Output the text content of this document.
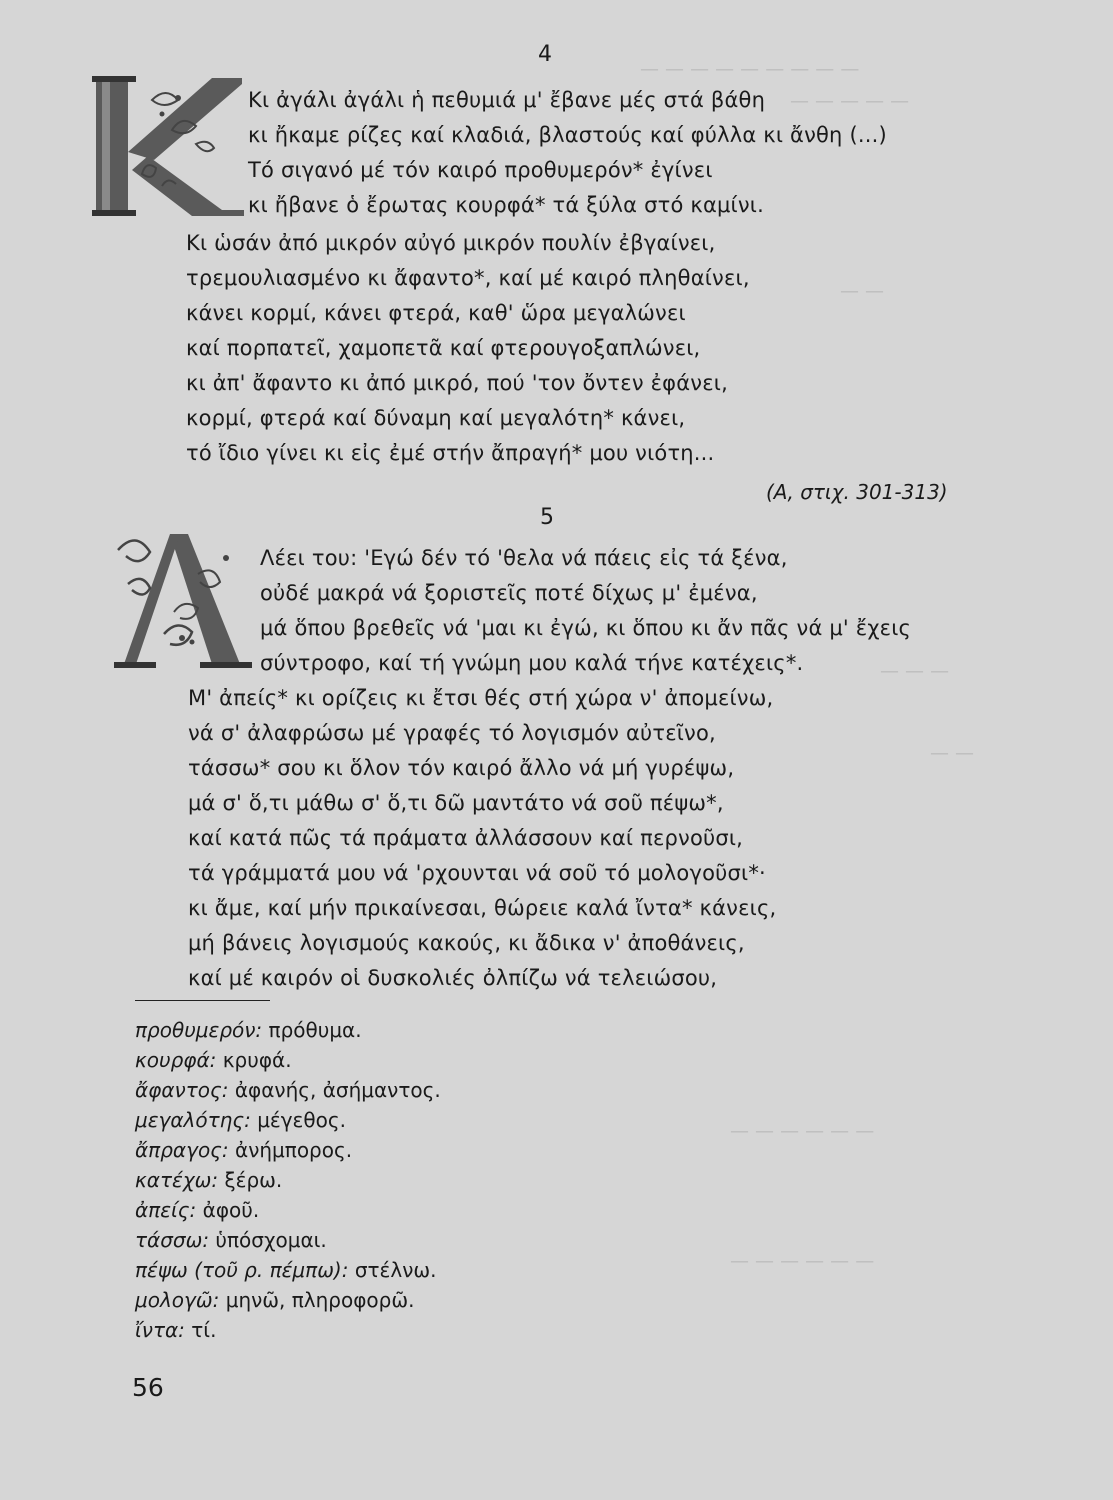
— — — — — — — — —
— — — — —
— —
— — —
— —
— — — — — —
— — — — — —
4
Κι ἀγάλι ἀγάλι ἡ πεθυμιά μ' ἔβανε μές στά βάθη
κι ἤκαμε ρίζες καί κλαδιά, βλαστούς καί φύλλα κι ἄνθη (...)
Τό σιγανό μέ τόν καιρό προθυμερόν* ἐγίνει
κι ἤβανε ὁ ἔρωτας κουρφά* τά ξύλα στό καμίνι.
Κι ὡσάν ἀπό μικρόν αὐγό μικρόν πουλίν ἐβγαίνει,
τρεμουλιασμένο κι ἄφαντο*, καί μέ καιρό πληθαίνει,
κάνει κορμί, κάνει φτερά, καθ' ὥρα μεγαλώνει
καί πορπατεῖ, χαμοπετᾶ καί φτερουγοξαπλώνει,
κι ἀπ' ἄφαντο κι ἀπό μικρό, πού 'τον ὄντεν ἐφάνει,
κορμί, φτερά καί δύναμη καί μεγαλότη* κάνει,
τό ἴδιο γίνει κι εἰς ἐμέ στήν ἄπραγή* μου νιότη...
(Α, στιχ. 301-313)
5
Λέει του: 'Εγώ δέν τό 'θελα νά πάεις εἰς τά ξένα,
οὐδέ μακρά νά ξοριστεῖς ποτέ δίχως μ' ἐμένα,
μά ὅπου βρεθεῖς νά 'μαι κι ἐγώ, κι ὅπου κι ἄν πᾶς νά μ' ἔχεις
σύντροφο, καί τή γνώμη μου καλά τήνε κατέχεις*.
Μ' ἀπείς* κι ορίζεις κι ἔτσι θές στή χώρα ν' ἀπομείνω,
νά σ' ἀλαφρώσω μέ γραφές τό λογισμόν αὐτεῖνο,
τάσσω* σου κι ὅλον τόν καιρό ἄλλο νά μή γυρέψω,
μά σ' ὅ,τι μάθω σ' ὅ,τι δῶ μαντάτο νά σοῦ πέψω*,
καί κατά πῶς τά πράματα ἀλλάσσουν καί περνοῦσι,
τά γράμματά μου νά 'ρχουνται νά σοῦ τό μολογοῦσι*·
κι ἄμε, καί μήν πρικαίνεσαι, θώρειε καλά ἴντα* κάνεις,
μή βάνεις λογισμούς κακούς, κι ἄδικα ν' ἀποθάνεις,
καί μέ καιρόν οἱ δυσκολιές ὀλπίζω νά τελειώσου,
προθυμερόν: πρόθυμα.
κουρφά: κρυφά.
ἄφαντος: ἀφανής, ἀσήμαντος.
μεγαλότης: μέγεθος.
ἄπραγος: ἀνήμπορος.
κατέχω: ξέρω.
ἀπείς: ἀφοῦ.
τάσσω: ὑπόσχομαι.
πέψω (τοῦ ρ. πέμπω): στέλνω.
μολογῶ: μηνῶ, πληροφορῶ.
ἴντα: τί.
56
